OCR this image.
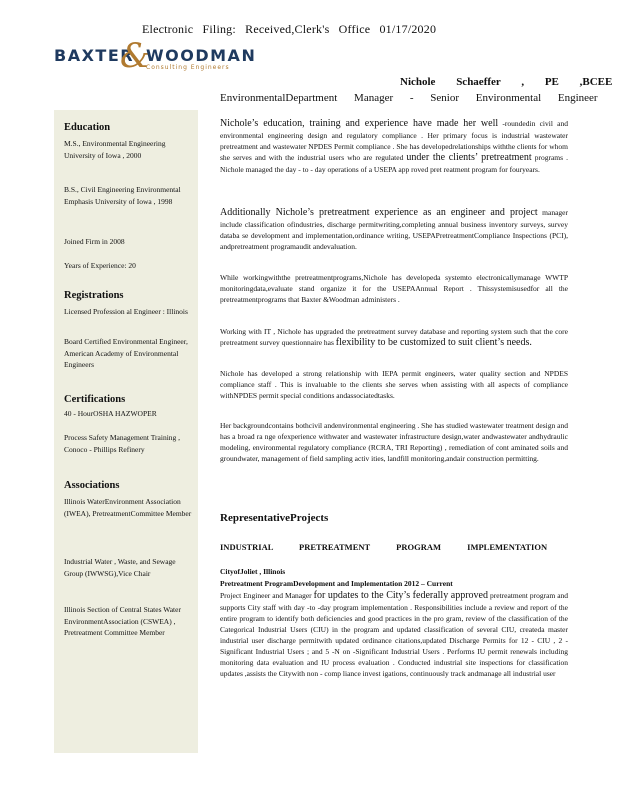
Electronic Filing: Received,Clerk's Office 01/17/2020
BAXTER
&
WOODMAN
Consulting Engineers
Nichole Schaeffer , PE ,BCEE
EnvironmentalDepartment Manager - Senior Environmental Engineer
Education
M.S., Environmental Engineering University of Iowa , 2000
B.S., Civil Engineering Environmental Emphasis University of Iowa , 1998
Joined Firm in 2008
Years of Experience: 20
Registrations
Licensed Profession al Engineer : Illinois
Board Certified Environmental Engineer, American Academy of Environmental Engineers
Certifications
40 - HourOSHA HAZWOPER
Process Safety Management Training , Conoco - Phillips Refinery
Associations
Illinois WaterEnvironment Association (IWEA), PretreatmentCommittee Member
Industrial Water , Waste, and Sewage Group (IWWSG),Vice Chair
Illinois Section of Central States Water EnvironmentAssociation (CSWEA) , Pretreatment Committee Member
Nichole’s education, training and experience have made her well -roundedin civil and environmental engineering design and regulatory compliance . Her primary focus is industrial wastewater pretreatment and wastewater NPDES Permit compliance . She has developedrelationships withthe clients for whom she serves and with the industrial users who are regulated under the clients’ pretreatment programs . Nichole managed the day - to - day operations of a USEPA app roved pret reatment program for fouryears.
Additionally Nichole’s pretreatment experience as an engineer and project manager include classification ofindustries, discharge permitwriting,completing annual business inventory surveys, survey databa se development and implementation,ordinance writing, USEPAPretreatmentCompliance Inspections (PCI), andpretreatment programaudit andevaluation.
While workingwiththe pretreatmentprograms,Nichole has developeda systemto electronicallymanage WWTP monitoringdata,evaluate stand organize it for the USEPAAnnual Report . Thissystemisusedfor all the pretreatmentprograms that Baxter &Woodman administers .
Working with IT , Nichole has upgraded the pretreatment survey database and reporting system such that the core pretreatment survey questionnaire has flexibility to be customized to suit client’s needs.
Nichole has developed a strong relationship with IEPA permit engineers, water quality section and NPDES compliance staff . This is invaluable to the clients she serves when assisting with all aspects of compliance withNPDES permit special conditions andassociatedtasks.
Her backgroundcontains bothcivil andenvironmental engineering . She has studied wastewater treatment design and has a broad ra nge ofexperience withwater and wastewater infrastructure design,water andwastewater andhydraulic modeling, environmental regulatory compliance (RCRA, TRI Reporting) , remediation of cont aminated soils and groundwater, management of field sampling activ ities, landfill monitoring,andair construction permitting.
RepresentativeProjects
INDUSTRIAL PRETREATMENT PROGRAM IMPLEMENTATION
CityofJoliet , Illinois
Pretreatment ProgramDevelopment and Implementation 2012 – Current
Project Engineer and Manager for updates to the City’s federally approved pretreatment program and supports City staff with day -to -day program implementation . Responsibilities include a review and report of the entire program to identify both deficiencies and good practices in the pro gram, review of the classification of the Categorical Industrial Users (CIU) in the program and updated classification of several CIU, createda master industrial user discharge permitwith updated ordinance citations,updated Discharge Permits for 12 - CIU , 2 - Significant Industrial Users ; and 5 -N on -Significant Industrial Users . Performs IU permit renewals including monitoring data evaluation and IU process evaluation . Conducted industrial site inspections for classification updates ,assists the Citywith non - comp liance invest igations, continuously track andmanage all industrial user
